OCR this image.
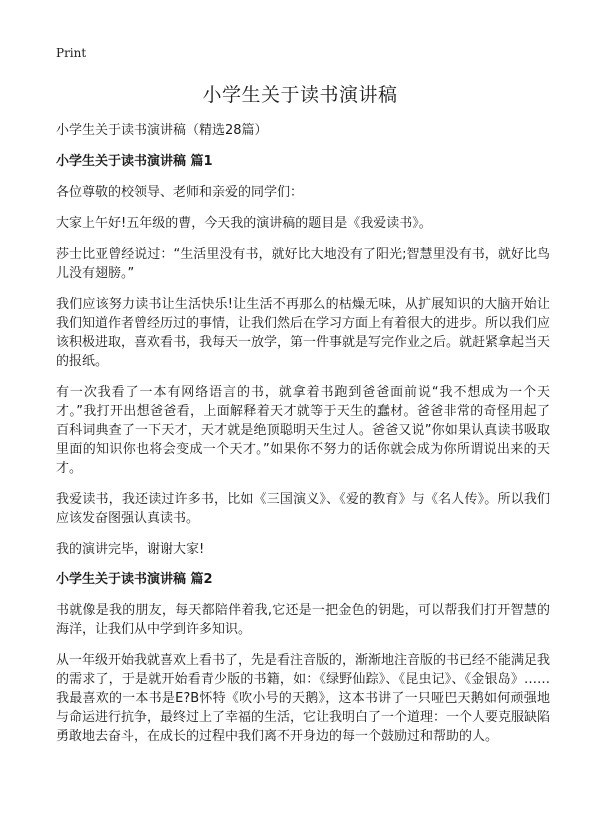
Print
小学生关于读书演讲稿

小学生关于读书演讲稿（精选28篇）

小学生关于读书演讲稿 篇1

各位尊敬的校领导、老师和亲爱的同学们：

大家上午好!五年级的曹，今天我的演讲稿的题目是《我爱读书》。

莎士比亚曾经说过：“生活里没有书，就好比大地没有了阳光;智慧里没有书，就好比鸟儿没有翅膀。”

我们应该努力读书让生活快乐!让生活不再那么的枯燥无味，从扩展知识的大脑开始让我们知道作者曾经历过的事情，让我们然后在学习方面上有着很大的进步。所以我们应该积极进取，喜欢看书，我每天一放学，第一件事就是写完作业之后。就赶紧拿起当天的报纸。

有一次我看了一本有网络语言的书，就拿着书跑到爸爸面前说“我不想成为一个天才。”我打开出想爸爸看，上面解释着天才就等于天生的蠢材。爸爸非常的奇怪用起了百科词典查了一下天才，天才就是绝顶聪明天生过人。爸爸又说”你如果认真读书吸取里面的知识你也将会变成一个天才。”如果你不努力的话你就会成为你所谓说出来的天才。

我爱读书，我还读过许多书，比如《三国演义》、《爱的教育》与《名人传》。所以我们应该发奋图强认真读书。

我的演讲完毕，谢谢大家!

小学生关于读书演讲稿 篇2

书就像是我的朋友，每天都陪伴着我,它还是一把金色的钥匙，可以帮我们打开智慧的海洋，让我们从中学到许多知识。

从一年级开始我就喜欢上看书了，先是看注音版的，渐渐地注音版的书已经不能满足我的需求了，于是就开始看青少版的书籍，如：《绿野仙踪》、《昆虫记》、《金银岛》……我最喜欢的一本书是E?B怀特《吹小号的天鹅》，这本书讲了一只哑巴天鹅如何顽强地与命运进行抗争，最终过上了幸福的生活，它让我明白了一个道理：一个人要克服缺陷勇敢地去奋斗，在成长的过程中我们离不开身边的每一个鼓励过和帮助的人。
